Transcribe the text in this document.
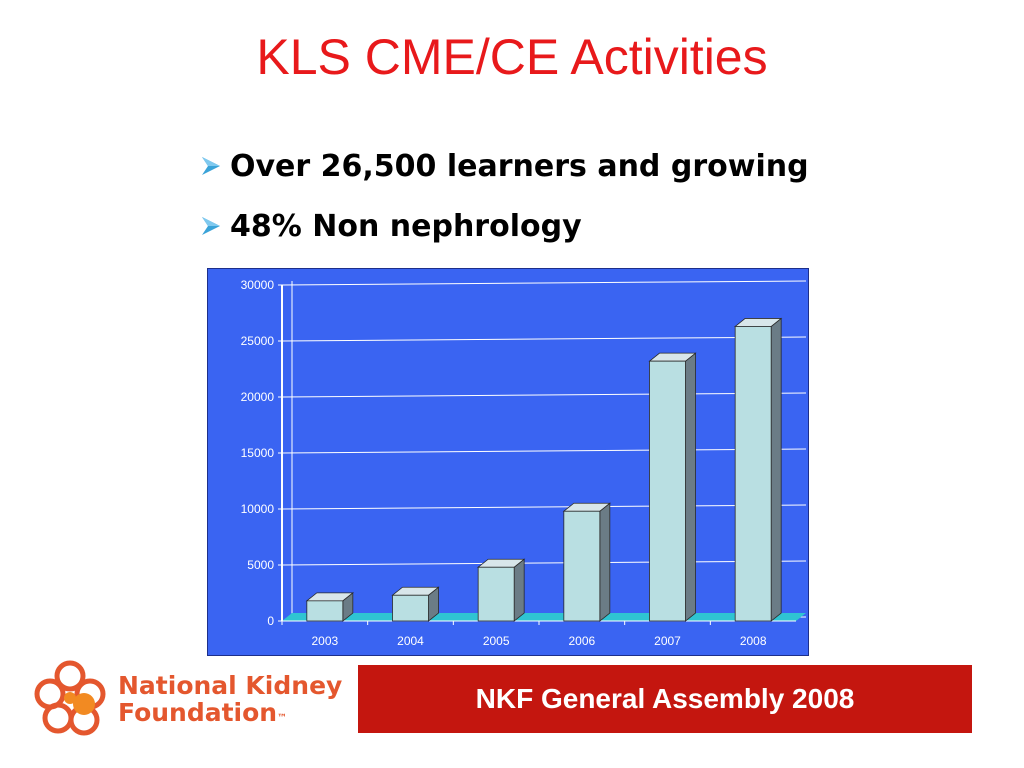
KLS CME/CE Activities
Over 26,500 learners and growing
48% Non nephrology
0
5000
10000
15000
20000
25000
30000
2003	2004	2005	2006	2007	2008
National Kidney
Foundation™
NKF General Assembly 2008
